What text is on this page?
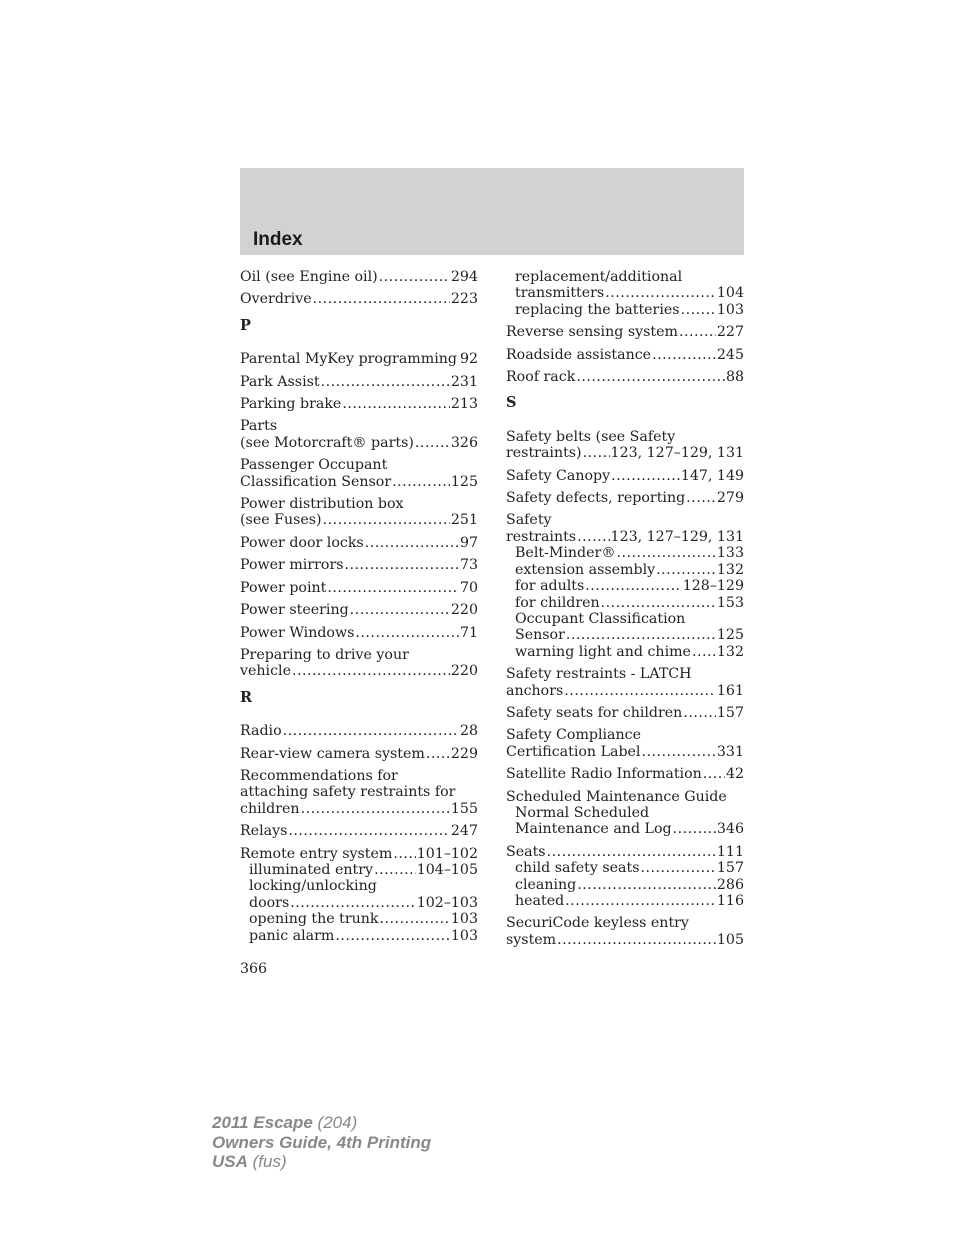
Index
Oil (see Engine oil) .....	294
Overdrive .....	223
P
Parental MyKey programming ..... 92
Park Assist .....	231
Parking brake .....	213
Parts
(see Motorcraft® parts) .....	326
Passenger Occupant
Classification Sensor .....	125
Power distribution box
(see Fuses) .....	251
Power door locks .....	97
Power mirrors .....	73
Power point .....	70
Power steering .....	220
Power Windows .....	71
Preparing to drive your
vehicle .....	220
R
Radio .....	28
Rear-view camera system ..... 229
Recommendations for
attaching safety restraints for
children .....	155
Relays .....	247
Remote entry system ..... 101–102
illuminated entry .....	104–105
locking/unlocking
doors .....	102–103
opening the trunk .....	103
panic alarm .....	103
replacement/additional
transmitters .....	104
replacing the batteries .....	103
Reverse sensing system .....	227
Roadside assistance .....	245
Roof rack .....	88
S
Safety belts (see Safety
restraints) ..... 123, 127–129, 131
Safety Canopy .....	147, 149
Safety defects, reporting ..... 279
Safety
restraints ..... 123, 127–129, 131
Belt-Minder® .....	133
extension assembly .....	132
for adults .....	128–129
for children .....	153
Occupant Classification
Sensor .....	125
warning light and chime ..... 132
Safety restraints - LATCH
anchors .....	161
Safety seats for children ..... 157
Safety Compliance
Certification Label .....	331
Satellite Radio Information ..... 42
Scheduled Maintenance Guide
Normal Scheduled
Maintenance and Log .....	346
Seats .....	111
child safety seats .....	157
cleaning .....	286
heated .....	116
SecuriCode keyless entry
system .....	105
366
2011 Escape (204)
Owners Guide, 4th Printing
USA (fus)
